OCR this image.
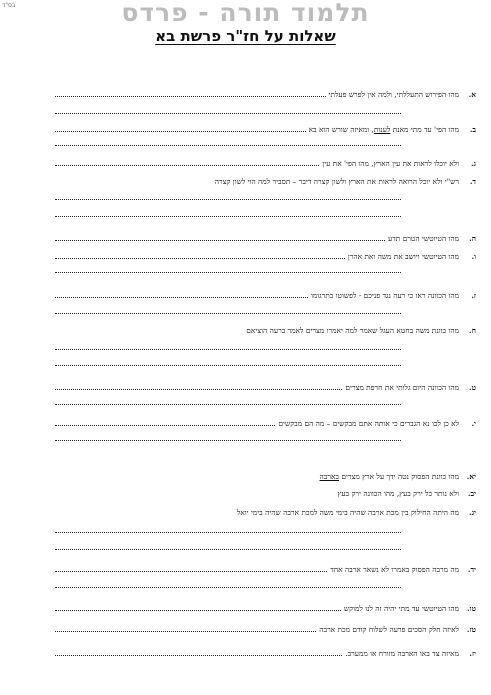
בס"ד	תלמוד תורה - פרדס
שאלות על חז"ר פרשת בא
א.
מהו הפירוש התעללתי, ולמה אין לפרש פעלתי
ב.
מהו הפי' עד מתי מאנת לענות, ומאיזה שורש הוא בא
ג.
ולא יוכלו לראות את עין הארץ, מהו הפי' את עין
ד.
רש"י ולא יוכל הרואה לראות את הארץ ולשון קצרה דיבר – תסביר למה הוי לשון קצרה
ה.
מהו הטיוטשי הטרם תדע
ו.
מהו הטיוטשי ויושב את משה ואת אהרן
ז.
מהו הכוונה ראו כי רעה נגד פניכם - לפשוטו כתרגומו
ח.
מהו כוונת משה בחטא העגל שאמר למה יאמרו מצרים לאמר ברעה הוציאם
ט.
מהו הכוונה היום גלותי את חרפת מצרים
י.
לא כן לכו נא הגברים כי אותה אתם מבקשים – מה הם מבקשים
יא.
מהו כוונת הפסוק נטה ידך על ארץ מצרים בארבה
יב.
ולא נותר כל ירק בעץ, מהו הכוונה ירק בעץ
יג.
מה היתה החילוק בין מכת ארבה שהיה בימי משה למכת ארבה שהיה בימי יואל
יד.
מה מרבה הפסוק באמרו לא נשאר ארבה אחד
טו.
מהו הטיוטשי עד מתי יהיה זה לנו למוקש
טז.
לאיזה חלק הסכים פרעה לשלוח קודם מכת ארבה
יז.
מאיזה צד באו הארבה מזורח או ממערב.
